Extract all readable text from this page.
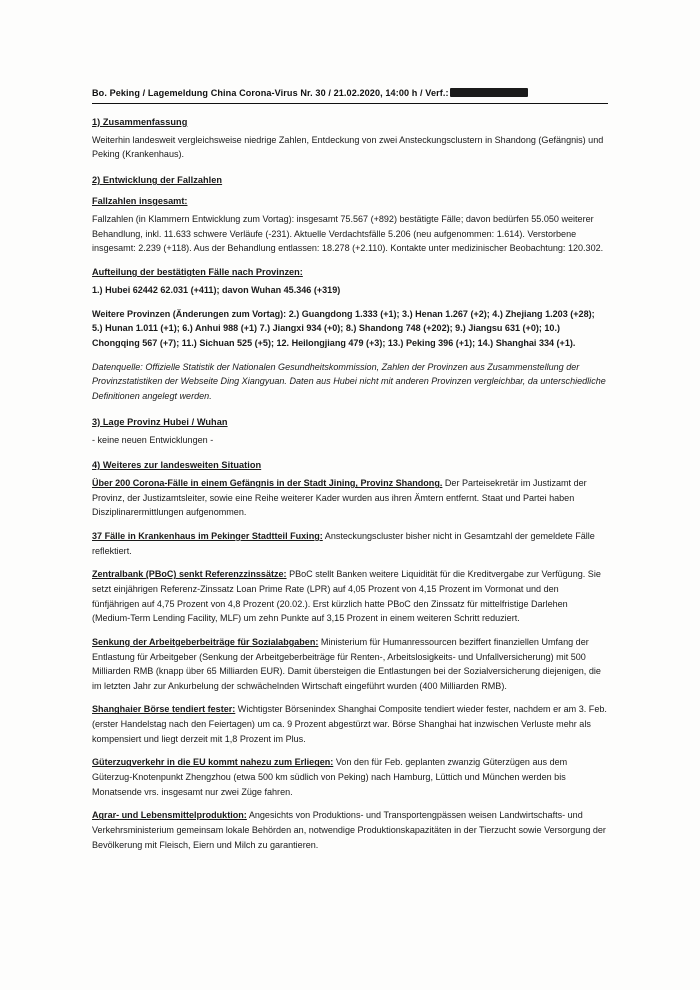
Bo. Peking / Lagemeldung China Corona-Virus Nr. 30 / 21.02.2020, 14:00 h / Verf.:
1) Zusammenfassung

Weiterhin landesweit vergleichsweise niedrige Zahlen, Entdeckung von zwei Ansteckungsclustern in Shandong (Gefängnis) und Peking (Krankenhaus).

2) Entwicklung der Fallzahlen
Fallzahlen insgesamt:

Fallzahlen (in Klammern Entwicklung zum Vortag): insgesamt 75.567 (+892) bestätigte Fälle; davon bedürfen 55.050 weiterer Behandlung, inkl. 11.633 schwere Verläufe (-231). Aktuelle Verdachtsfälle 5.206 (neu aufgenommen: 1.614). Verstorbene insgesamt: 2.239 (+118). Aus der Behandlung entlassen: 18.278 (+2.110). Kontakte unter medizinischer Beobachtung: 120.302.

Aufteilung der bestätigten Fälle nach Provinzen:

1.) Hubei 62442 62.031 (+411); davon Wuhan 45.346 (+319)

Weitere Provinzen (Änderungen zum Vortag): 2.) Guangdong 1.333 (+1); 3.) Henan 1.267 (+2); 4.) Zhejiang 1.203 (+28); 5.) Hunan 1.011 (+1); 6.) Anhui 988 (+1) 7.) Jiangxi 934 (+0); 8.) Shandong 748 (+202); 9.) Jiangsu 631 (+0); 10.) Chongqing 567 (+7); 11.) Sichuan 525 (+5); 12. Heilongjiang 479 (+3); 13.) Peking 396 (+1); 14.) Shanghai 334 (+1).

Datenquelle: Offizielle Statistik der Nationalen Gesundheitskommission, Zahlen der Provinzen aus Zusammenstellung der Provinzstatistiken der Webseite Ding Xiangyuan. Daten aus Hubei nicht mit anderen Provinzen vergleichbar, da unterschiedliche Definitionen angelegt werden.

3) Lage Provinz Hubei / Wuhan

- keine neuen Entwicklungen -

4) Weiteres zur landesweiten Situation

Über 200 Corona-Fälle in einem Gefängnis in der Stadt Jining, Provinz Shandong. Der Parteisekretär im Justizamt der Provinz, der Justizamtsleiter, sowie eine Reihe weiterer Kader wurden aus ihren Ämtern entfernt. Staat und Partei haben Disziplinarermittlungen aufgenommen.

37 Fälle in Krankenhaus im Pekinger Stadtteil Fuxing: Ansteckungscluster bisher nicht in Gesamtzahl der gemeldete Fälle reflektiert.

Zentralbank (PBoC) senkt Referenzzinssätze: PBoC stellt Banken weitere Liquidität für die Kreditvergabe zur Verfügung. Sie setzt einjährigen Referenz-Zinssatz Loan Prime Rate (LPR) auf 4,05 Prozent von 4,15 Prozent im Vormonat und den fünfjährigen auf 4,75 Prozent von 4,8 Prozent (20.02.). Erst kürzlich hatte PBoC den Zinssatz für mittelfristige Darlehen (Medium-Term Lending Facility, MLF) um zehn Punkte auf 3,15 Prozent in einem weiteren Schritt reduziert.

Senkung der Arbeitgeberbeiträge für Sozialabgaben: Ministerium für Humanressourcen beziffert finanziellen Umfang der Entlastung für Arbeitgeber (Senkung der Arbeitgeberbeiträge für Renten-, Arbeitslosigkeits- und Unfallversicherung) mit 500 Milliarden RMB (knapp über 65 Milliarden EUR). Damit übersteigen die Entlastungen bei der Sozialversicherung diejenigen, die im letzten Jahr zur Ankurbelung der schwächelnden Wirtschaft eingeführt wurden (400 Milliarden RMB).

Shanghaier Börse tendiert fester: Wichtigster Börsenindex Shanghai Composite tendiert wieder fester, nachdem er am 3. Feb. (erster Handelstag nach den Feiertagen) um ca. 9 Prozent abgestürzt war. Börse Shanghai hat inzwischen Verluste mehr als kompensiert und liegt derzeit mit 1,8 Prozent im Plus.

Güterzugverkehr in die EU kommt nahezu zum Erliegen: Von den für Feb. geplanten zwanzig Güterzügen aus dem Güterzug-Knotenpunkt Zhengzhou (etwa 500 km südlich von Peking) nach Hamburg, Lüttich und München werden bis Monatsende vrs. insgesamt nur zwei Züge fahren.

Agrar- und Lebensmittelproduktion: Angesichts von Produktions- und Transportengpässen weisen Landwirtschafts- und Verkehrsministerium gemeinsam lokale Behörden an, notwendige Produktionskapazitäten in der Tierzucht sowie Versorgung der Bevölkerung mit Fleisch, Eiern und Milch zu garantieren.
